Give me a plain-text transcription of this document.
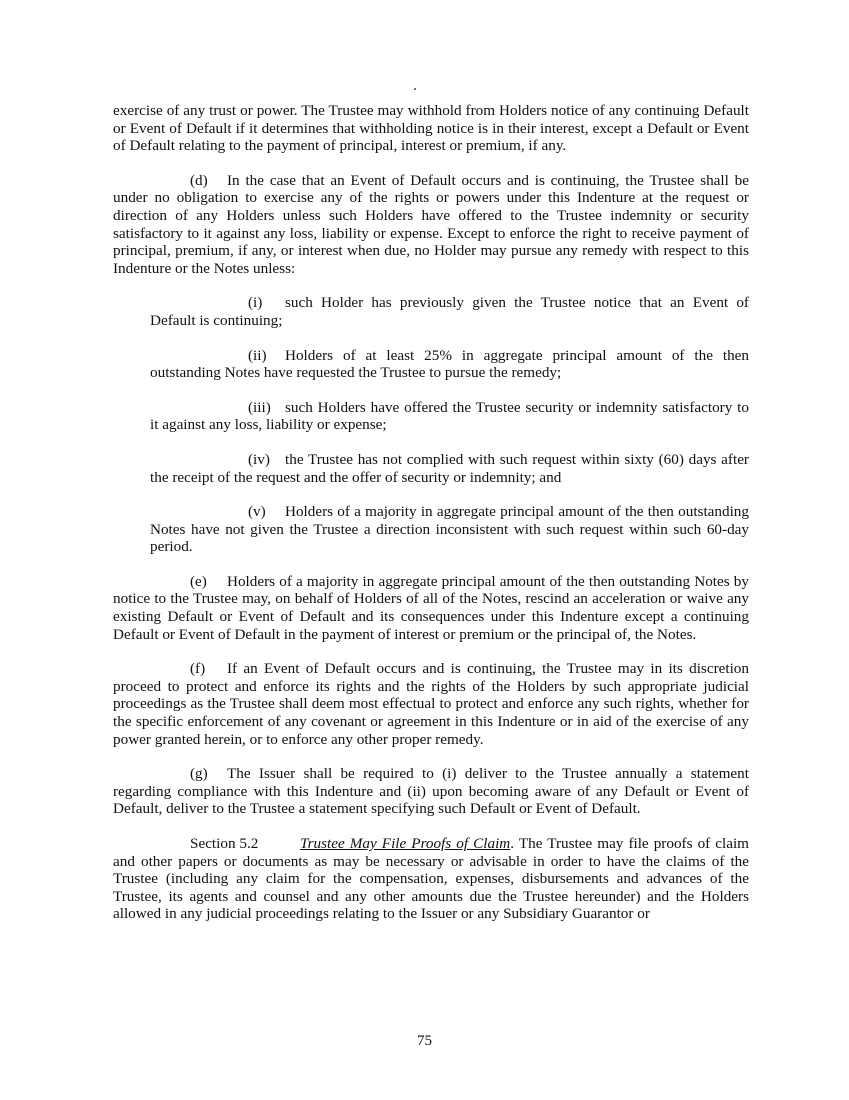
exercise of any trust or power. The Trustee may withhold from Holders notice of any continuing Default or Event of Default if it determines that withholding notice is in their interest, except a Default or Event of Default relating to the payment of principal, interest or premium, if any.

(d) In the case that an Event of Default occurs and is continuing, the Trustee shall be under no obligation to exercise any of the rights or powers under this Indenture at the request or direction of any Holders unless such Holders have offered to the Trustee indemnity or security satisfactory to it against any loss, liability or expense. Except to enforce the right to receive payment of principal, premium, if any, or interest when due, no Holder may pursue any remedy with respect to this Indenture or the Notes unless:

(i) such Holder has previously given the Trustee notice that an Event of Default is continuing;

(ii) Holders of at least 25% in aggregate principal amount of the then outstanding Notes have requested the Trustee to pursue the remedy;

(iii) such Holders have offered the Trustee security or indemnity satisfactory to it against any loss, liability or expense;

(iv) the Trustee has not complied with such request within sixty (60) days after the receipt of the request and the offer of security or indemnity; and

(v) Holders of a majority in aggregate principal amount of the then outstanding Notes have not given the Trustee a direction inconsistent with such request within such 60-day period.

(e) Holders of a majority in aggregate principal amount of the then outstanding Notes by notice to the Trustee may, on behalf of Holders of all of the Notes, rescind an acceleration or waive any existing Default or Event of Default and its consequences under this Indenture except a continuing Default or Event of Default in the payment of interest or premium or the principal of, the Notes.

(f) If an Event of Default occurs and is continuing, the Trustee may in its discretion proceed to protect and enforce its rights and the rights of the Holders by such appropriate judicial proceedings as the Trustee shall deem most effectual to protect and enforce any such rights, whether for the specific enforcement of any covenant or agreement in this Indenture or in aid of the exercise of any power granted herein, or to enforce any other proper remedy.

(g) The Issuer shall be required to (i) deliver to the Trustee annually a statement regarding compliance with this Indenture and (ii) upon becoming aware of any Default or Event of Default, deliver to the Trustee a statement specifying such Default or Event of Default.

Section 5.2	Trustee May File Proofs of Claim. The Trustee may file proofs of claim and other papers or documents as may be necessary or advisable in order to have the claims of the Trustee (including any claim for the compensation, expenses, disbursements and advances of the Trustee, its agents and counsel and any other amounts due the Trustee hereunder) and the Holders allowed in any judicial proceedings relating to the Issuer or any Subsidiary Guarantor or

75
